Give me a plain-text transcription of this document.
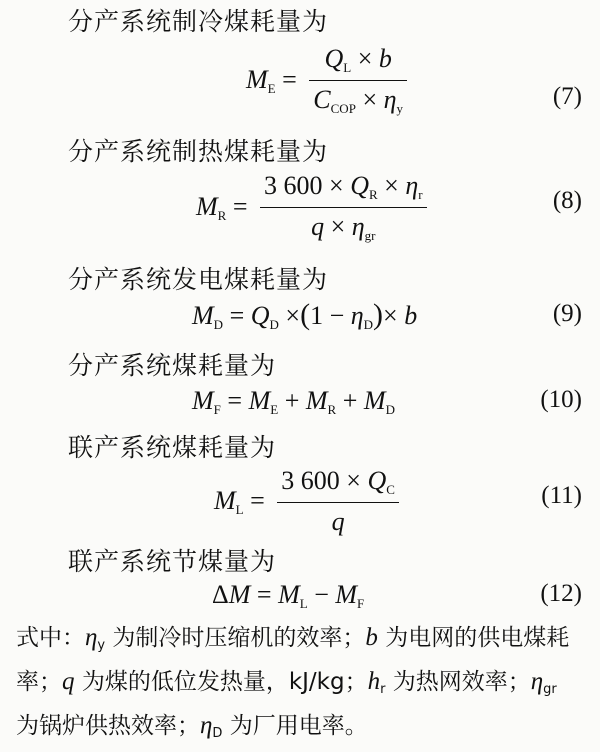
分产系统制冷煤耗量为
$M_E = \frac{Q_L \times b}{C_{COP} \times \eta_y}$	(7)
分产系统制热煤耗量为
$M_R = \frac{3 600 \times Q_R \times \eta_r}{q \times \eta_{gr}}$	(8)
分产系统发电煤耗量为
$M_D = Q_D \times(1 - \eta_D)\times b$	(9)
分产系统煤耗量为
$M_F = M_E + M_R + M_D$	(10)
联产系统煤耗量为
$M_L = \frac{3 600 \times Q_C}{q}$	(11)
联产系统节煤量为
$\Delta M = M_L - M_F$	(12)
式中：$\eta_y$ 为制冷时压缩机的效率；b 为电网的供电煤耗率；q 为煤的低位发热量，kJ/kg；$h_r$ 为热网效率；$\eta_{gr}$ 为锅炉供热效率；$\eta_D$ 为厂用电率。
